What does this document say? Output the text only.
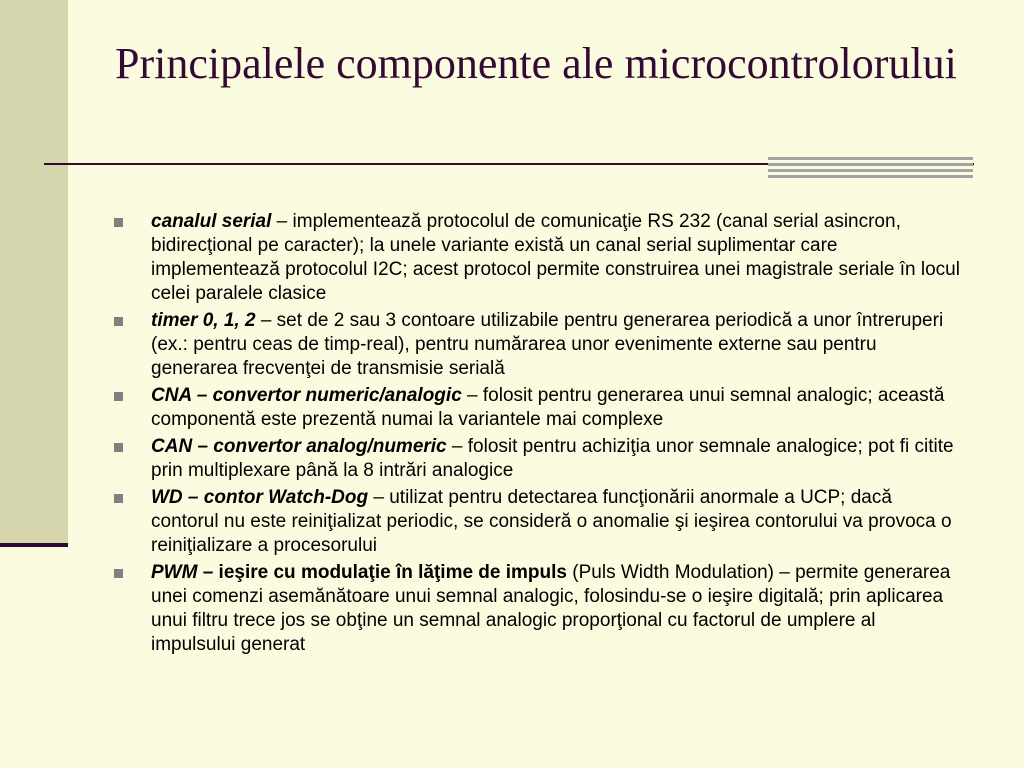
Principalele componente ale microcontrolorului
canalul serial – implementează protocolul de comunicaţie RS 232 (canal serial asincron, bidirecţional pe caracter); la unele variante există un canal serial suplimentar care implementează protocolul I2C; acest protocol permite construirea unei magistrale seriale în locul celei paralele clasice
timer 0, 1, 2 – set de 2 sau 3 contoare utilizabile pentru generarea periodică a unor întreruperi (ex.: pentru ceas de timp-real), pentru numărarea unor evenimente externe sau pentru generarea frecvenţei de transmisie serială
CNA – convertor numeric/analogic – folosit pentru generarea unui semnal analogic; această componentă este prezentă numai la variantele mai complexe
CAN – convertor analog/numeric – folosit pentru achiziţia unor semnale analogice; pot fi citite prin multiplexare până la 8 intrări analogice
WD – contor Watch-Dog – utilizat pentru detectarea funcţionării anormale a UCP; dacă contorul nu este reiniţializat periodic, se consideră o anomalie şi ieşirea contorului va provoca o reiniţializare a procesorului
PWM – ieşire cu modulaţie în lăţime de impuls (Puls Width Modulation) – permite generarea unei comenzi asemănătoare unui semnal analogic, folosindu-se o ieşire digitală; prin aplicarea unui filtru trece jos se obţine un semnal analogic proporţional cu factorul de umplere al impulsului generat
